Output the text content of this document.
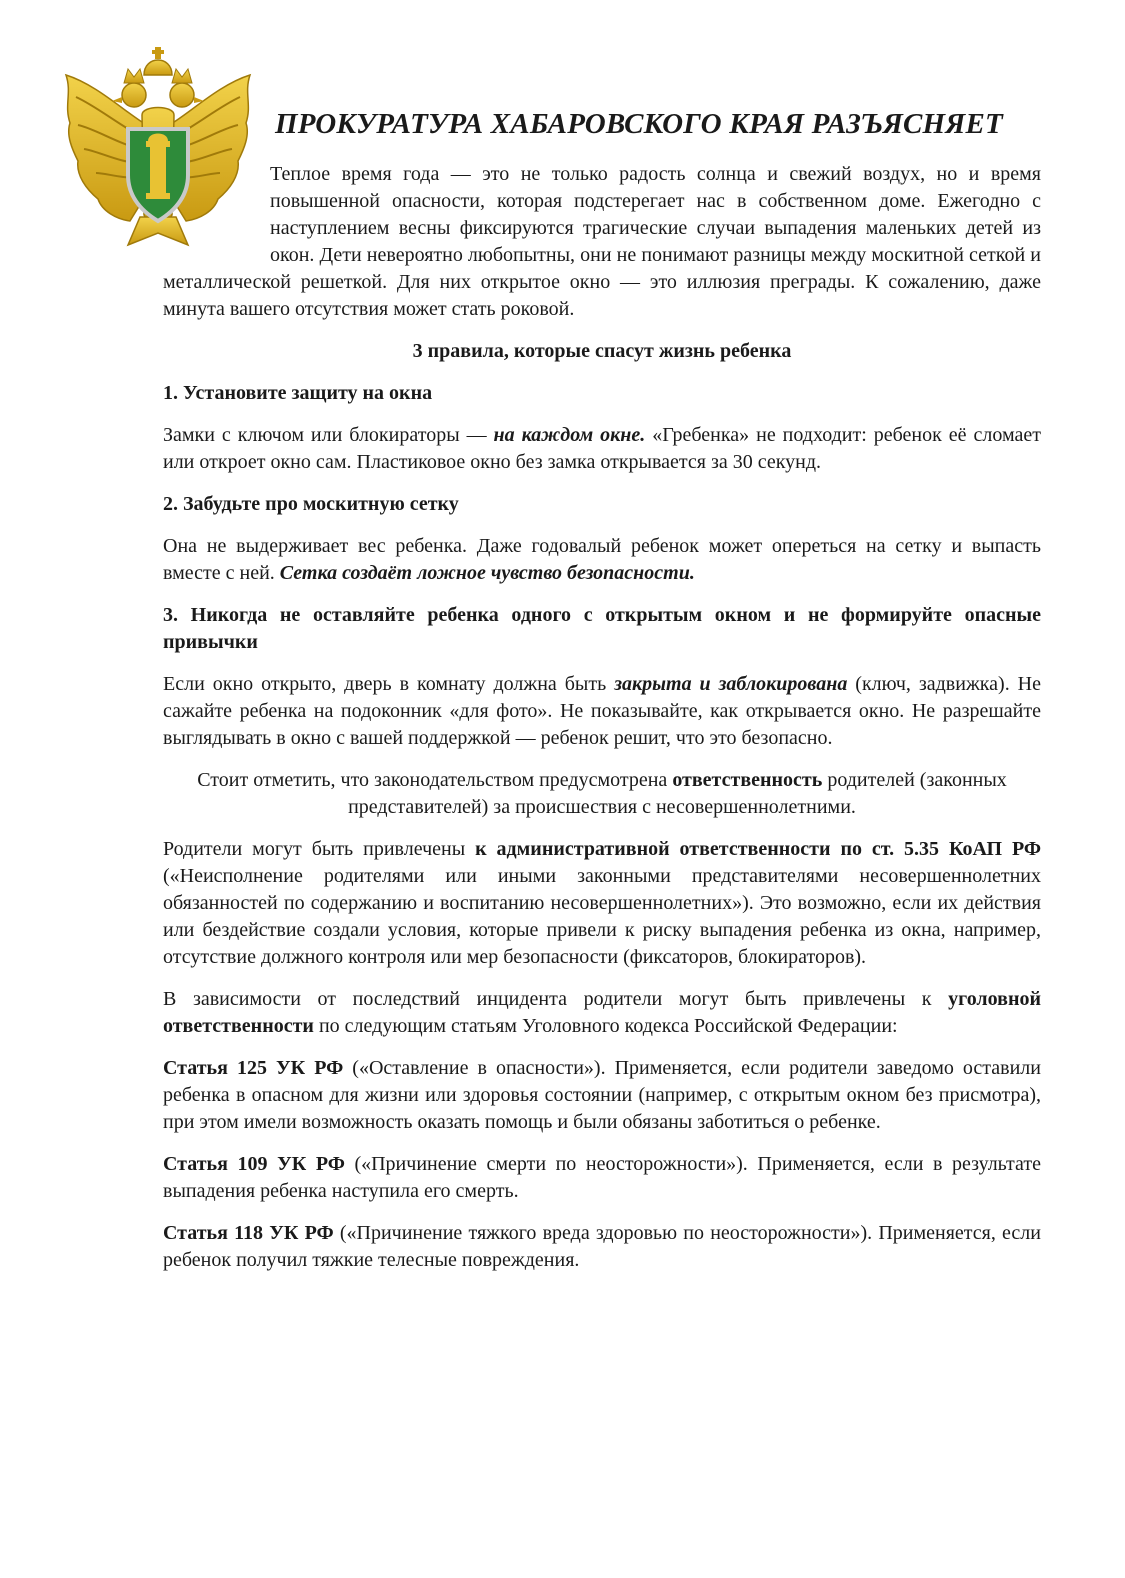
ПРОКУРАТУРА ХАБАРОВСКОГО КРАЯ РАЗЪЯСНЯЕТ

Теплое время года — это не только радость солнца и свежий воздух, но и время повышенной опасности, которая подстерегает нас в собственном доме. Ежегодно с наступлением весны фиксируются трагические случаи выпадения маленьких детей из окон. Дети невероятно любопытны, они не понимают разницы между москитной сеткой и металлической решеткой. Для них открытое окно — это иллюзия преграды. К сожалению, даже минута вашего отсутствия может стать роковой.

3 правила, которые спасут жизнь ребенка

1. Установите защиту на окна

Замки с ключом или блокираторы — на каждом окне. «Гребенка» не подходит: ребенок её сломает или откроет окно сам. Пластиковое окно без замка открывается за 30 секунд.

2. Забудьте про москитную сетку

Она не выдерживает вес ребенка. Даже годовалый ребенок может опереться на сетку и выпасть вместе с ней. Сетка создаёт ложное чувство безопасности.

3. Никогда не оставляйте ребенка одного с открытым окном и не формируйте опасные привычки

Если окно открыто, дверь в комнату должна быть закрыта и заблокирована (ключ, задвижка). Не сажайте ребенка на подоконник «для фото». Не показывайте, как открывается окно. Не разрешайте выглядывать в окно с вашей поддержкой — ребенок решит, что это безопасно.

Стоит отметить, что законодательством предусмотрена ответственность родителей (законных представителей) за происшествия с несовершеннолетними.

Родители могут быть привлечены к административной ответственности по ст. 5.35 КоАП РФ («Неисполнение родителями или иными законными представителями несовершеннолетних обязанностей по содержанию и воспитанию несовершеннолетних»). Это возможно, если их действия или бездействие создали условия, которые привели к риску выпадения ребенка из окна, например, отсутствие должного контроля или мер безопасности (фиксаторов, блокираторов).

В зависимости от последствий инцидента родители могут быть привлечены к уголовной ответственности по следующим статьям Уголовного кодекса Российской Федерации:

Статья 125 УК РФ («Оставление в опасности»). Применяется, если родители заведомо оставили ребенка в опасном для жизни или здоровья состоянии (например, с открытым окном без присмотра), при этом имели возможность оказать помощь и были обязаны заботиться о ребенке.

Статья 109 УК РФ («Причинение смерти по неосторожности»). Применяется, если в результате выпадения ребенка наступила его смерть.

Статья 118 УК РФ («Причинение тяжкого вреда здоровью по неосторожности»). Применяется, если ребенок получил тяжкие телесные повреждения.
